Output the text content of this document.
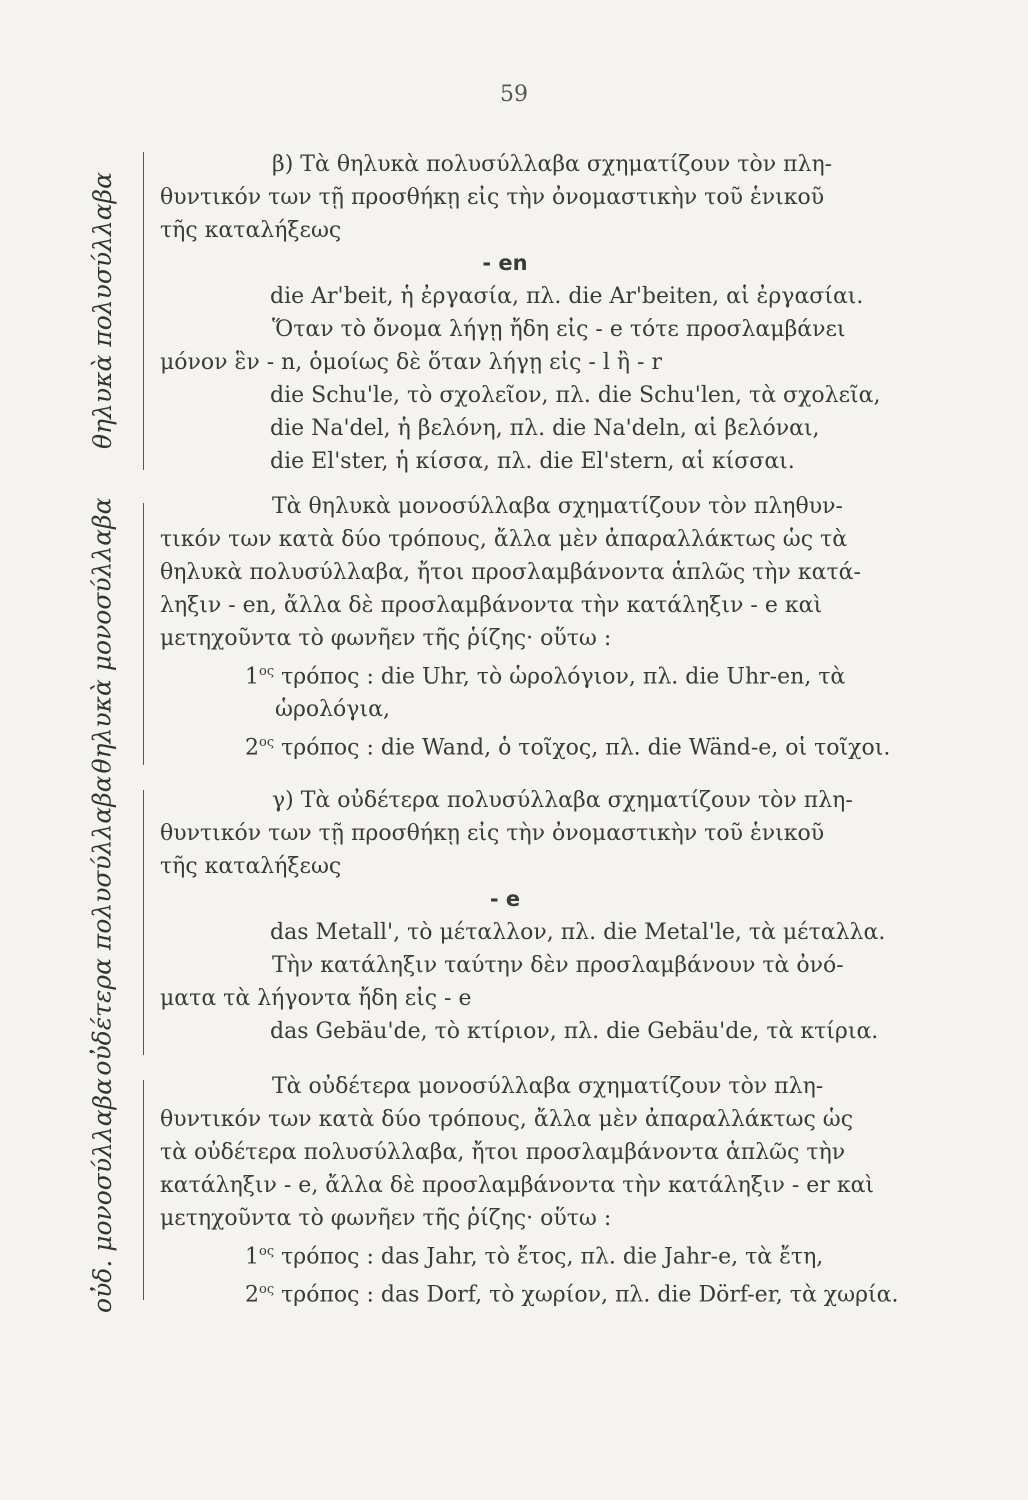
59
θηλυκὰ πολυσύλλαβα
θηλυκὰ μονοσύλλαβα
οὐδέτερα πολυσύλλαβα
οὐδ. μονοσύλλαβα
β) Τὰ θηλυκὰ πολυσύλλαβα σχηματίζουν τὸν πλη-
θυντικόν των τῇ προσθήκῃ εἰς τὴν ὀνομαστικὴν τοῦ ἑνικοῦ
τῆς καταλήξεως
- en
die Ar'beit, ἡ ἐργασία, πλ. die Ar'beiten, αἱ ἐργασίαι.
Ὅταν τὸ ὄνομα λήγῃ ἤδη εἰς - e τότε προσλαμβάνει
μόνον ἓν - n, ὁμοίως δὲ ὅταν λήγῃ εἰς - l ἢ - r
die Schu'le, τὸ σχολεῖον, πλ. die Schu'len, τὰ σχολεῖα,
die Na'del, ἡ βελόνη, πλ. die Na'deln, αἱ βελόναι,
die El'ster, ἡ κίσσα, πλ. die El'stern, αἱ κίσσαι.
Τὰ θηλυκὰ μονοσύλλαβα σχηματίζουν τὸν πληθυν-
τικόν των κατὰ δύο τρόπους, ἄλλα μὲν ἀπαραλλάκτως ὡς τὰ
θηλυκὰ πολυσύλλαβα, ἤτοι προσλαμβάνοντα ἁπλῶς τὴν κατά-
ληξιν - en, ἄλλα δὲ προσλαμβάνοντα τὴν κατάληξιν - e καὶ
μετηχοῦντα τὸ φωνῆεν τῆς ῥίζης· οὕτω :
$1^{o\varsigma}$ τρόπος : die Uhr, τὸ ὡρολόγιον, πλ. die Uhr-en, τὰ
ὡρολόγια,
$2^{o\varsigma}$ τρόπος : die Wand, ὁ τοῖχος, πλ. die Wänd-e, οἱ τοῖχοι.
γ) Τὰ οὐδέτερα πολυσύλλαβα σχηματίζουν τὸν πλη-
θυντικόν των τῇ προσθήκῃ εἰς τὴν ὀνομαστικὴν τοῦ ἑνικοῦ
τῆς καταλήξεως
- e
das Metall', τὸ μέταλλον, πλ. die Metal'le, τὰ μέταλλα.
Τὴν κατάληξιν ταύτην δὲν προσλαμβάνουν τὰ ὀνό-
ματα τὰ λήγοντα ἤδη εἰς - e
das Gebäu'de, τὸ κτίριον, πλ. die Gebäu'de, τὰ κτίρια.
Τὰ οὐδέτερα μονοσύλλαβα σχηματίζουν τὸν πλη-
θυντικόν των κατὰ δύο τρόπους, ἄλλα μὲν ἀπαραλλάκτως ὡς
τὰ οὐδέτερα πολυσύλλαβα, ἤτοι προσλαμβάνοντα ἁπλῶς τὴν
κατάληξιν - e, ἄλλα δὲ προσλαμβάνοντα τὴν κατάληξιν - er καὶ
μετηχοῦντα τὸ φωνῆεν τῆς ῥίζης· οὕτω :
$1^{o\varsigma}$ τρόπος : das Jahr, τὸ ἔτος, πλ. die Jahr-e, τὰ ἔτη,
$2^{o\varsigma}$ τρόπος : das Dorf, τὸ χωρίον, πλ. die Dörf-er, τὰ χωρία.
